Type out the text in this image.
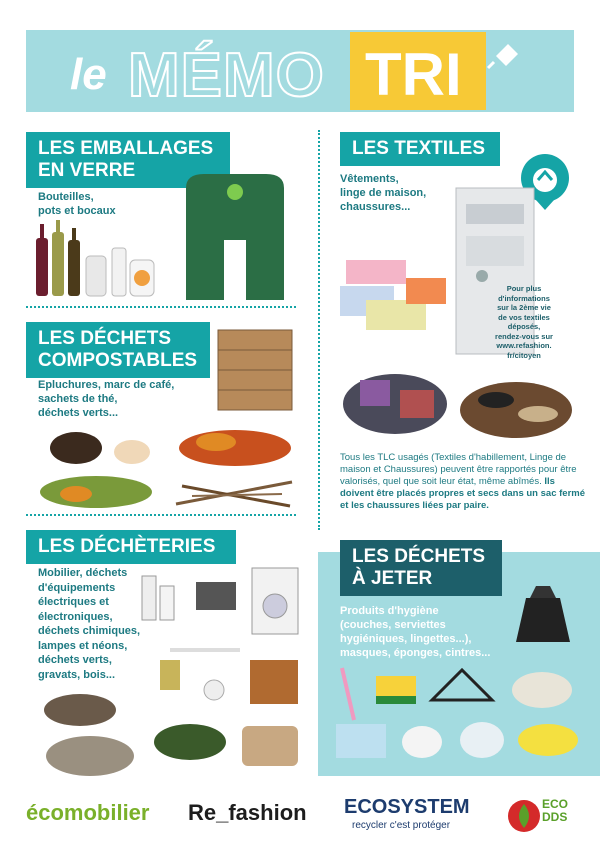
le MÉMO TRI
LES EMBALLAGES
EN VERRE
Bouteilles,
pots et bocaux
LES TEXTILES
Vêtements,
linge de maison,
chaussures...
Pour plus
d'informations
sur la 2ème vie
de vos textiles
déposés,
rendez-vous sur
www.refashion.
fr/citoyen
Tous les TLC usagés (Textiles d'habillement, Linge de maison et Chaussures) peuvent être rapportés pour être valorisés, quel que soit leur état, même abîmés. Ils doivent être placés propres et secs dans un sac fermé et les chaussures liées par paire.
LES DÉCHETS
COMPOSTABLES
Epluchures, marc de café,
sachets de thé,
déchets verts...
LES DÉCHÈTERIES
Mobilier, déchets
d'équipements
électriques et
électroniques,
déchets chimiques,
lampes et néons,
déchets verts,
gravats, bois...
LES DÉCHETS
À JETER
Produits d'hygiène
(couches, serviettes
hygiéniques, lingettes...),
masques, éponges, cintres...
écomobilier Re_fashion ECOSYSTEM
recycler c'est protéger
ECO DDS
